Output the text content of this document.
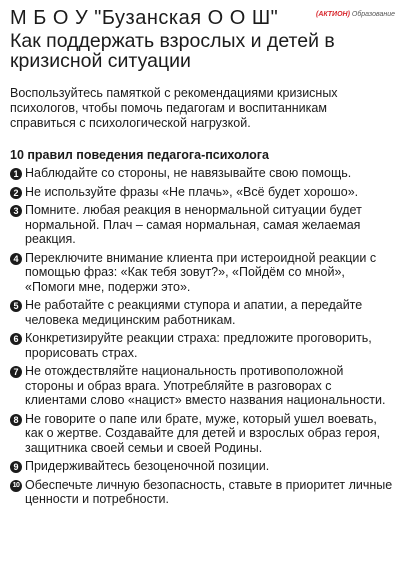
М Б О У "Бузанская О О Ш"	(АКТИОН) Образование
Как поддержать взрослых и детей в кризисной ситуации

Воспользуйтесь памяткой с рекомендациями кризисных психологов, чтобы помочь педагогам и воспитанникам справиться с психологической нагрузкой.

10 правил поведения педагога-психолога
1 Наблюдайте со стороны, не навязывайте свою помощь.
2 Не используйте фразы «Не плачь», «Всё будет хорошо».
3 Помните. любая реакция в ненормальной ситуации будет нормальной. Плач – самая нормальная, самая желаемая реакция.
4 Переключите внимание клиента при истероидной реакции с помощью фраз: «Как тебя зовут?», «Пойдём со мной», «Помоги мне, подержи это».
5 Не работайте с реакциями ступора и апатии, а передайте человека медицинским работникам.
6 Конкретизируйте реакции страха: предложите проговорить, прорисовать страх.
7 Не отождествляйте национальность противоположной стороны и образ врага. Употребляйте в разговорах с клиентами слово «нацист» вместо названия национальности.
8 Не говорите о папе или брате, муже, который ушел воевать, как о жертве. Создавайте для детей и взрослых образ героя, защитника своей семьи и своей Родины.
9 Придерживайтесь безоценочной позиции.
10 Обеспечьте личную безопасность, ставьте в приоритет личные ценности и потребности.
